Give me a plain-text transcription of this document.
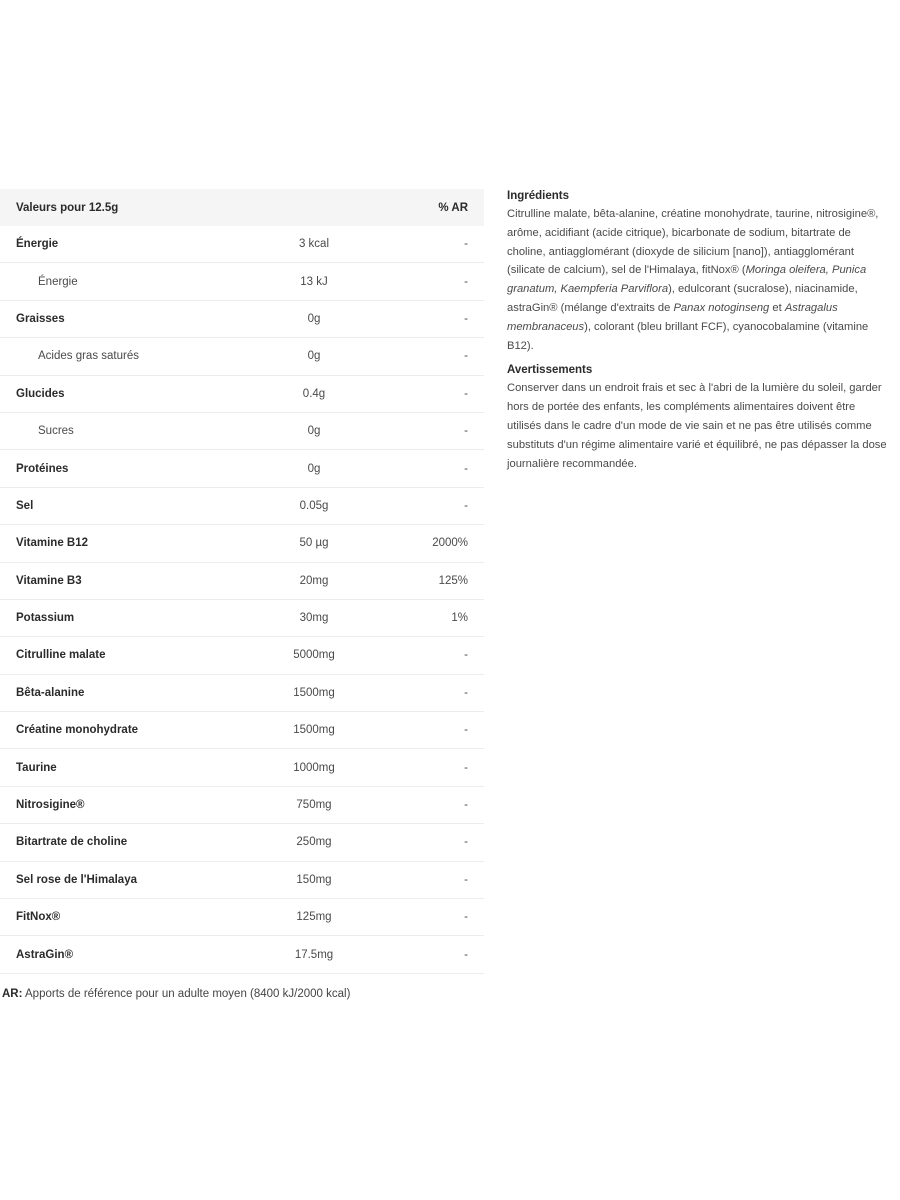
Valeurs pour 12.5g		% AR
Énergie	3 kcal	-
Énergie	13 kJ	-
Graisses	0g	-
Acides gras saturés	0g	-
Glucides	0.4g	-
Sucres	0g	-
Protéines	0g	-
Sel	0.05g	-
Vitamine B12	50 µg	2000%
Vitamine B3	20mg	125%
Potassium	30mg	1%
Citrulline malate	5000mg	-
Bêta-alanine	1500mg	-
Créatine monohydrate	1500mg	-
Taurine	1000mg	-
Nitrosigine®	750mg	-
Bitartrate de choline	250mg	-
Sel rose de l'Himalaya	150mg	-
FitNox®	125mg	-
AstraGin®	17.5mg	-
AR: Apports de référence pour un adulte moyen (8400 kJ/2000 kcal)
Ingrédients

Citrulline malate, bêta-alanine, créatine monohydrate, taurine, nitrosigine®, arôme, acidifiant (acide citrique), bicarbonate de sodium, bitartrate de choline, antiagglomérant (dioxyde de silicium [nano]), antiagglomérant (silicate de calcium), sel de l'Himalaya, fitNox® (Moringa oleifera, Punica granatum, Kaempferia Parviflora), edulcorant (sucralose), niacinamide, astraGin® (mélange d'extraits de Panax notoginseng et Astragalus membranaceus), colorant (bleu brillant FCF), cyanocobalamine (vitamine B12).

Avertissements

Conserver dans un endroit frais et sec à l'abri de la lumière du soleil, garder hors de portée des enfants, les compléments alimentaires doivent être utilisés dans le cadre d'un mode de vie sain et ne pas être utilisés comme substituts d'un régime alimentaire varié et équilibré, ne pas dépasser la dose journalière recommandée.
